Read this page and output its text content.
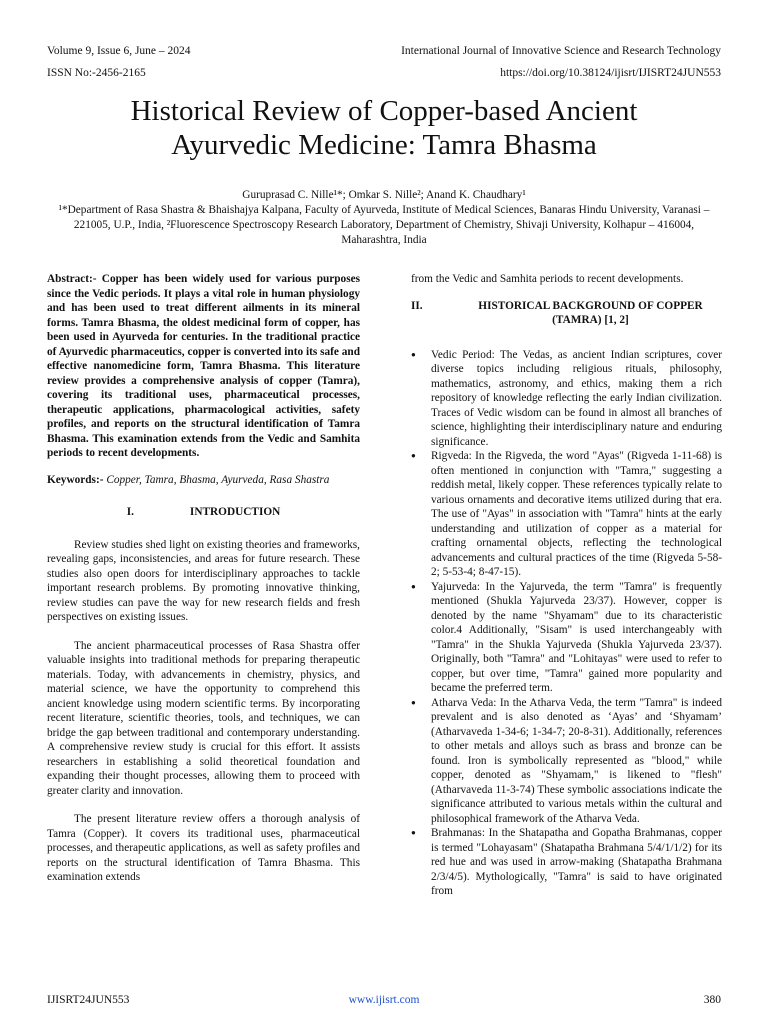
Volume 9, Issue 6, June – 2024	International Journal of Innovative Science and Research Technology
ISSN No:-2456-2165	https://doi.org/10.38124/ijisrt/IJISRT24JUN553
Historical Review of Copper-based Ancient
Ayurvedic Medicine: Tamra Bhasma
Guruprasad C. Nille¹*; Omkar S. Nille²; Anand K. Chaudhary¹
¹*Department of Rasa Shastra & Bhaishajya Kalpana, Faculty of Ayurveda, Institute of Medical Sciences, Banaras Hindu University, Varanasi – 221005, U.P., India, ²Fluorescence Spectroscopy Research Laboratory, Department of Chemistry, Shivaji University, Kolhapur – 416004, Maharashtra, India

Abstract:- Copper has been widely used for various purposes since the Vedic periods. It plays a vital role in human physiology and has been used to treat different ailments in its mineral forms. Tamra Bhasma, the oldest medicinal form of copper, has been used in Ayurveda for centuries. In the traditional practice of Ayurvedic pharmaceutics, copper is converted into its safe and effective nanomedicine form, Tamra Bhasma. This literature review provides a comprehensive analysis of copper (Tamra), covering its traditional uses, pharmaceutical processes, therapeutic applications, pharmacological activities, safety profiles, and reports on the structural identification of Tamra Bhasma. This examination extends from the Vedic and Samhita periods to recent developments.

Keywords:- Copper, Tamra, Bhasma, Ayurveda, Rasa Shastra

I.	INTRODUCTION

Review studies shed light on existing theories and frameworks, revealing gaps, inconsistencies, and areas for future research. These studies also open doors for interdisciplinary approaches to tackle important research problems. By promoting innovative thinking, review studies can pave the way for new research fields and fresh perspectives on existing issues.

The ancient pharmaceutical processes of Rasa Shastra offer valuable insights into traditional methods for preparing therapeutic materials. Today, with advancements in chemistry, physics, and material science, we have the opportunity to comprehend this ancient knowledge using modern scientific terms. By incorporating recent literature, scientific theories, tools, and techniques, we can bridge the gap between traditional and contemporary understanding. A comprehensive review study is crucial for this effort. It assists researchers in establishing a solid theoretical foundation and expanding their thought processes, allowing them to proceed with greater clarity and innovation.

The present literature review offers a thorough analysis of Tamra (Copper). It covers its traditional uses, pharmaceutical processes, and therapeutic applications, as well as safety profiles and reports on the structural identification of Tamra Bhasma. This examination extends

from the Vedic and Samhita periods to recent developments.

II.	HISTORICAL BACKGROUND OF COPPER (TAMRA) [1, 2]
● Vedic Period: The Vedas, as ancient Indian scriptures, cover diverse topics including religious rituals, philosophy, mathematics, astronomy, and ethics, making them a rich repository of knowledge reflecting the early Indian civilization. Traces of Vedic wisdom can be found in almost all branches of science, highlighting their interdisciplinary nature and enduring significance.
● Rigveda: In the Rigveda, the word "Ayas" (Rigveda 1-11-68) is often mentioned in conjunction with "Tamra," suggesting a reddish metal, likely copper. These references typically relate to various ornaments and decorative items utilized during that era. The use of "Ayas" in association with "Tamra" hints at the early understanding and utilization of copper as a material for crafting ornamental objects, reflecting the technological advancements and cultural practices of the time (Rigveda 5-58-2; 5-53-4; 8-47-15).
● Yajurveda: In the Yajurveda, the term "Tamra" is frequently mentioned (Shukla Yajurveda 23/37). However, copper is denoted by the name "Shyamam" due to its characteristic color.4 Additionally, "Sisam" is used interchangeably with "Tamra" in the Shukla Yajurveda (Shukla Yajurveda 23/37). Originally, both "Tamra" and "Lohitayas" were used to refer to copper, but over time, "Tamra" gained more popularity and became the preferred term.
● Atharva Veda: In the Atharva Veda, the term "Tamra" is indeed prevalent and is also denoted as ‘Ayas’ and ‘Shyamam’ (Atharvaveda 1-34-6; 1-34-7; 20-8-31). Additionally, references to other metals and alloys such as brass and bronze can be found. Iron is symbolically represented as "blood," while copper, denoted as "Shyamam," is likened to "flesh" (Atharvaveda 11-3-74) These symbolic associations indicate the significance attributed to various metals within the cultural and philosophical framework of the Atharva Veda.
● Brahmanas: In the Shatapatha and Gopatha Brahmanas, copper is termed "Lohayasam" (Shatapatha Brahmana 5/4/1/1/2) for its red hue and was used in arrow-making (Shatapatha Brahmana 2/3/4/5). Mythologically, "Tamra" is said to have originated from
IJISRT24JUN553	www.ijisrt.com	380
